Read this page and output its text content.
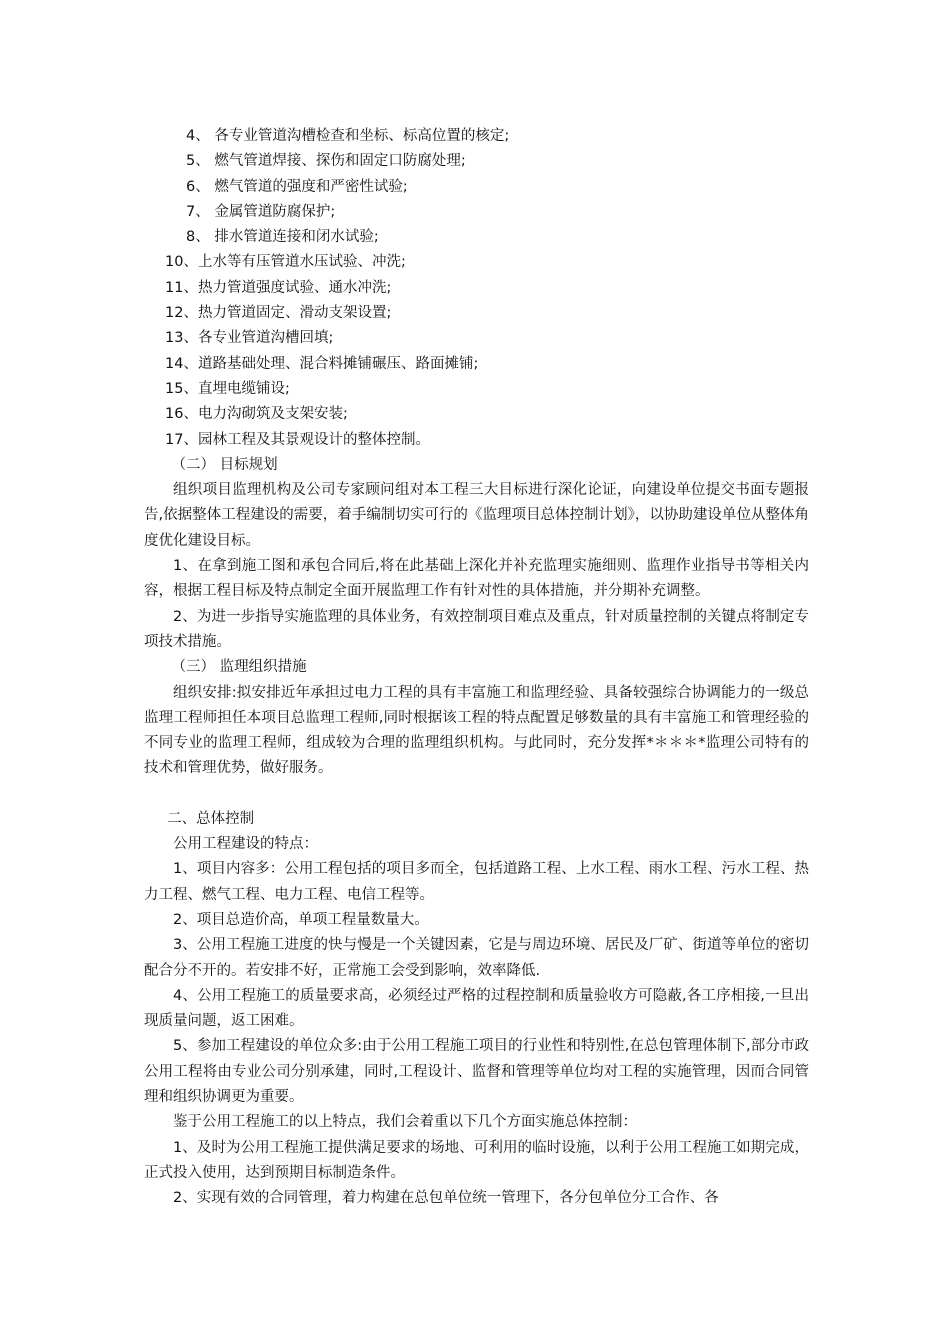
4、 各专业管道沟槽检查和坐标、标高位置的核定;

5、 燃气管道焊接、探伤和固定口防腐处理;

6、 燃气管道的强度和严密性试验;

7、 金属管道防腐保护;

8、 排水管道连接和闭水试验;

10、上水等有压管道水压试验、冲洗;

11、热力管道强度试验、通水冲洗;

12、热力管道固定、滑动支架设置;

13、各专业管道沟槽回填;

14、道路基础处理、混合料摊铺碾压、路面摊铺;

15、直埋电缆铺设;

16、电力沟砌筑及支架安装;

17、园林工程及其景观设计的整体控制。

（二） 目标规划

组织项目监理机构及公司专家顾问组对本工程三大目标进行深化论证，向建设单位提交书面专题报告,依据整体工程建设的需要，着手编制切实可行的《监理项目总体控制计划》，以协助建设单位从整体角度优化建设目标。

1、在拿到施工图和承包合同后,将在此基础上深化并补充监理实施细则、监理作业指导书等相关内容，根据工程目标及特点制定全面开展监理工作有针对性的具体措施，并分期补充调整。

2、为进一步指导实施监理的具体业务，有效控制项目难点及重点，针对质量控制的关键点将制定专项技术措施。

（三） 监理组织措施

组织安排:拟安排近年承担过电力工程的具有丰富施工和监理经验、具备较强综合协调能力的一级总监理工程师担任本项目总监理工程师,同时根据该工程的特点配置足够数量的具有丰富施工和管理经验的不同专业的监理工程师，组成较为合理的监理组织机构。与此同时，充分发挥*＊＊＊*监理公司特有的技术和管理优势，做好服务。

二、总体控制

公用工程建设的特点：

1、项目内容多：公用工程包括的项目多而全，包括道路工程、上水工程、雨水工程、污水工程、热力工程、燃气工程、电力工程、电信工程等。

2、项目总造价高，单项工程量数量大。

3、公用工程施工进度的快与慢是一个关键因素，它是与周边环境、居民及厂矿、街道等单位的密切配合分不开的。若安排不好，正常施工会受到影响，效率降低.

4、公用工程施工的质量要求高，必须经过严格的过程控制和质量验收方可隐蔽,各工序相接,一旦出现质量问题，返工困难。

5、参加工程建设的单位众多:由于公用工程施工项目的行业性和特别性,在总包管理体制下,部分市政公用工程将由专业公司分别承建，同时,工程设计、监督和管理等单位均对工程的实施管理，因而合同管理和组织协调更为重要。

鉴于公用工程施工的以上特点，我们会着重以下几个方面实施总体控制：

1、及时为公用工程施工提供满足要求的场地、可利用的临时设施，以利于公用工程施工如期完成，正式投入使用，达到预期目标制造条件。

2、实现有效的合同管理，着力构建在总包单位统一管理下，各分包单位分工合作、各
